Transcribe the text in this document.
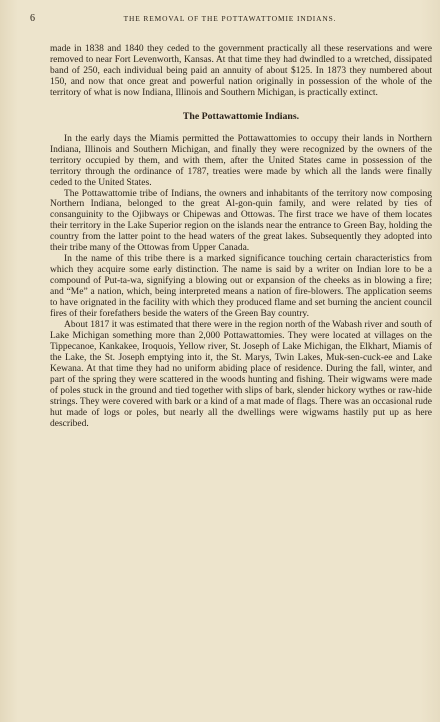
6	THE REMOVAL OF THE POTTAWATTOMIE INDIANS.

made in 1838 and 1840 they ceded to the government practically all these reservations and were removed to near Fort Levenworth, Kansas. At that time they had dwindled to a wretched, dissipated band of 250, each individual being paid an annuity of about $125. In 1873 they numbered about 150, and now that once great and powerful nation originally in possession of the whole of the territory of what is now Indiana, Illinois and Southern Michigan, is practically extinct.

The Pottawattomie Indians.

In the early days the Miamis permitted the Pottawattomies to occupy their lands in Northern Indiana, Illinois and Southern Michigan, and finally they were recognized by the owners of the territory occupied by them, and with them, after the United States came in possession of the territory through the ordinance of 1787, treaties were made by which all the lands were finally ceded to the United States.

The Pottawattomie tribe of Indians, the owners and inhabitants of the territory now composing Northern Indiana, belonged to the great Al-gon-quin family, and were related by ties of consanguinity to the Ojibways or Chipewas and Ottowas. The first trace we have of them locates their territory in the Lake Superior region on the islands near the entrance to Green Bay, holding the country from the latter point to the head waters of the great lakes. Subsequently they adopted into their tribe many of the Ottowas from Upper Canada.

In the name of this tribe there is a marked significance touching certain characteristics from which they acquire some early distinction. The name is said by a writer on Indian lore to be a compound of Put-ta-wa, signifying a blowing out or expansion of the cheeks as in blowing a fire; and “Me” a nation, which, being interpreted means a nation of fire-blowers. The application seems to have orignated in the facility with which they produced flame and set burning the ancient council fires of their forefathers beside the waters of the Green Bay country.

About 1817 it was estimated that there were in the region north of the Wabash river and south of Lake Michigan something more than 2,000 Pottawattomies. They were located at villages on the Tippecanoe, Kankakee, Iroquois, Yellow river, St. Joseph of Lake Michigan, the Elkhart, Miamis of the Lake, the St. Joseph emptying into it, the St. Marys, Twin Lakes, Muk-sen-cuck-ee and Lake Kewana. At that time they had no uniform abiding place of residence. During the fall, winter, and part of the spring they were scattered in the woods hunting and fishing. Their wigwams were made of poles stuck in the ground and tied together with slips of bark, slender hickory wythes or raw-hide strings. They were covered with bark or a kind of a mat made of flags. There was an occasional rude hut made of logs or poles, but nearly all the dwellings were wigwams hastily put up as here described.
